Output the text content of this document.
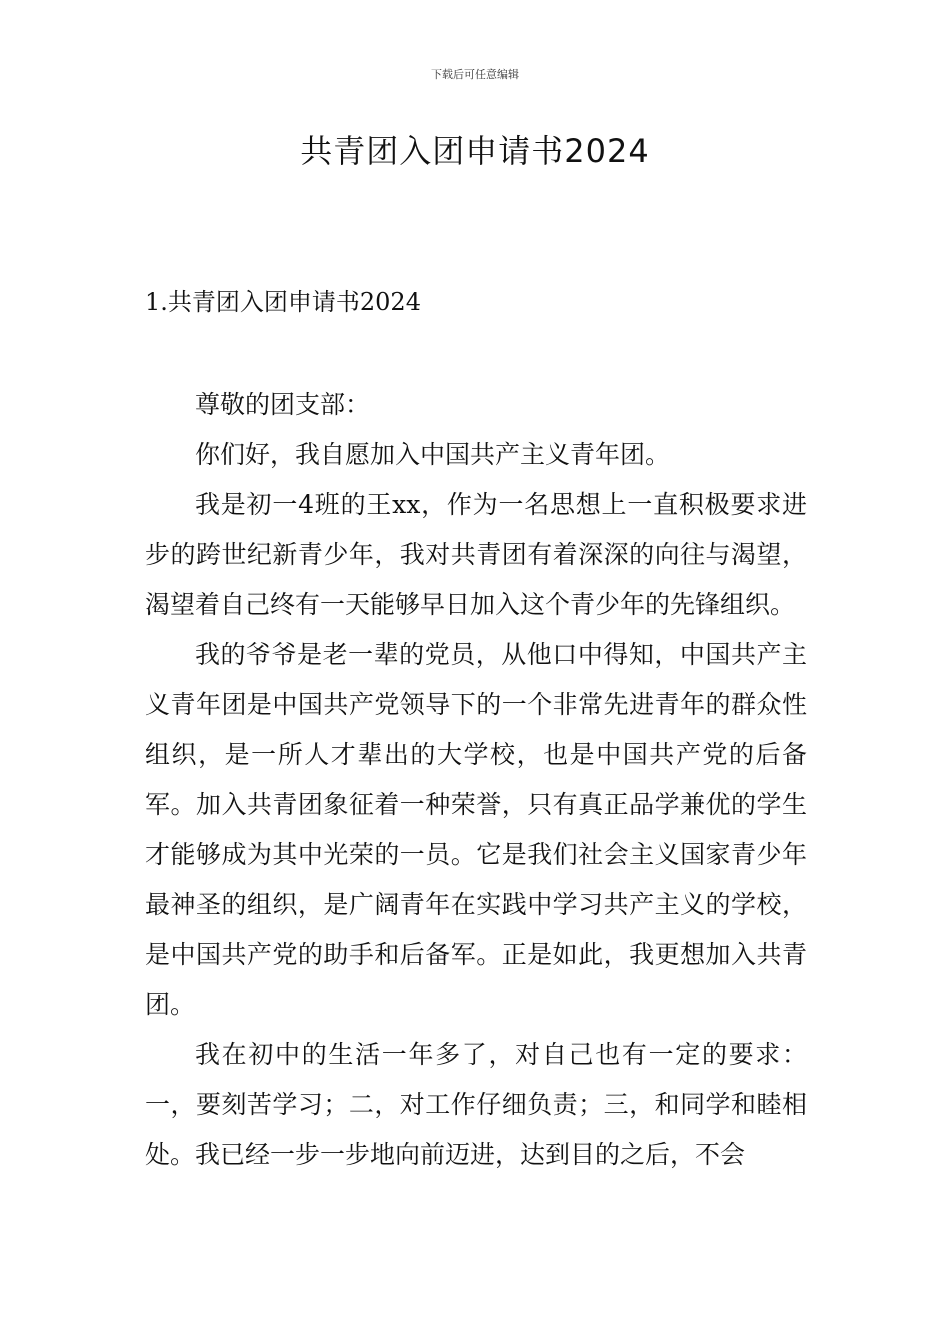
下载后可任意编辑
共青团入团申请书2024
1.共青团入团申请书2024

尊敬的团支部：

你们好，我自愿加入中国共产主义青年团。

我是初一4班的王xx，作为一名思想上一直积极要求进步的跨世纪新青少年，我对共青团有着深深的向往与渴望，渴望着自己终有一天能够早日加入这个青少年的先锋组织。

我的爷爷是老一辈的党员，从他口中得知，中国共产主义青年团是中国共产党领导下的一个非常先进青年的群众性组织，是一所人才辈出的大学校，也是中国共产党的后备军。加入共青团象征着一种荣誉，只有真正品学兼优的学生才能够成为其中光荣的一员。它是我们社会主义国家青少年最神圣的组织，是广阔青年在实践中学习共产主义的学校，是中国共产党的助手和后备军。正是如此，我更想加入共青团。

我在初中的生活一年多了，对自己也有一定的要求：一，要刻苦学习；二，对工作仔细负责；三，和同学和睦相处。我已经一步一步地向前迈进，达到目的之后，不会
